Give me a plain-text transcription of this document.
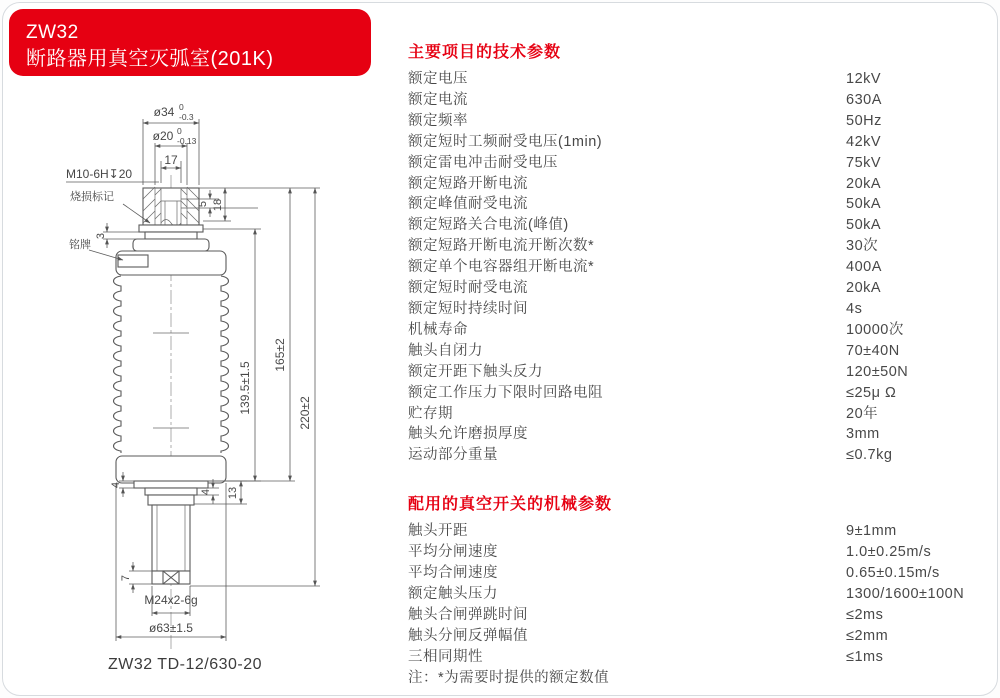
ZW32
断路器用真空灭弧室(201K)
ø34 0
-0.3
ø20 0
-0.13
17
M10-6H↧20
烧损标记
铭牌
3
5 18
139.5±1.5
165±2
220±2
4
4 13
7
M24x2-6g
ø63±1.5
ZW32 TD-12/630-20
主要项目的技术参数
额定电压	12kV
额定电流	630A
额定频率	50Hz
额定短时工频耐受电压(1min)	42kV
额定雷电冲击耐受电压	75kV
额定短路开断电流	20kA
额定峰值耐受电流	50kA
额定短路关合电流(峰值)	50kA
额定短路开断电流开断次数*	30次
额定单个电容器组开断电流*	400A
额定短时耐受电流	20kA
额定短时持续时间	4s
机械寿命	10000次
触头自闭力	70±40N
额定开距下触头反力	120±50N
额定工作压力下限时回路电阻	≤25μ Ω
贮存期	20年
触头允许磨损厚度	3mm
运动部分重量	≤0.7kg
配用的真空开关的机械参数
触头开距	9±1mm
平均分闸速度	1.0±0.25m/s
平均合闸速度	0.65±0.15m/s
额定触头压力	1300/1600±100N
触头合闸弹跳时间	≤2ms
触头分闸反弹幅值	≤2mm
三相同期性	≤1ms
注：*为需要时提供的额定数值
